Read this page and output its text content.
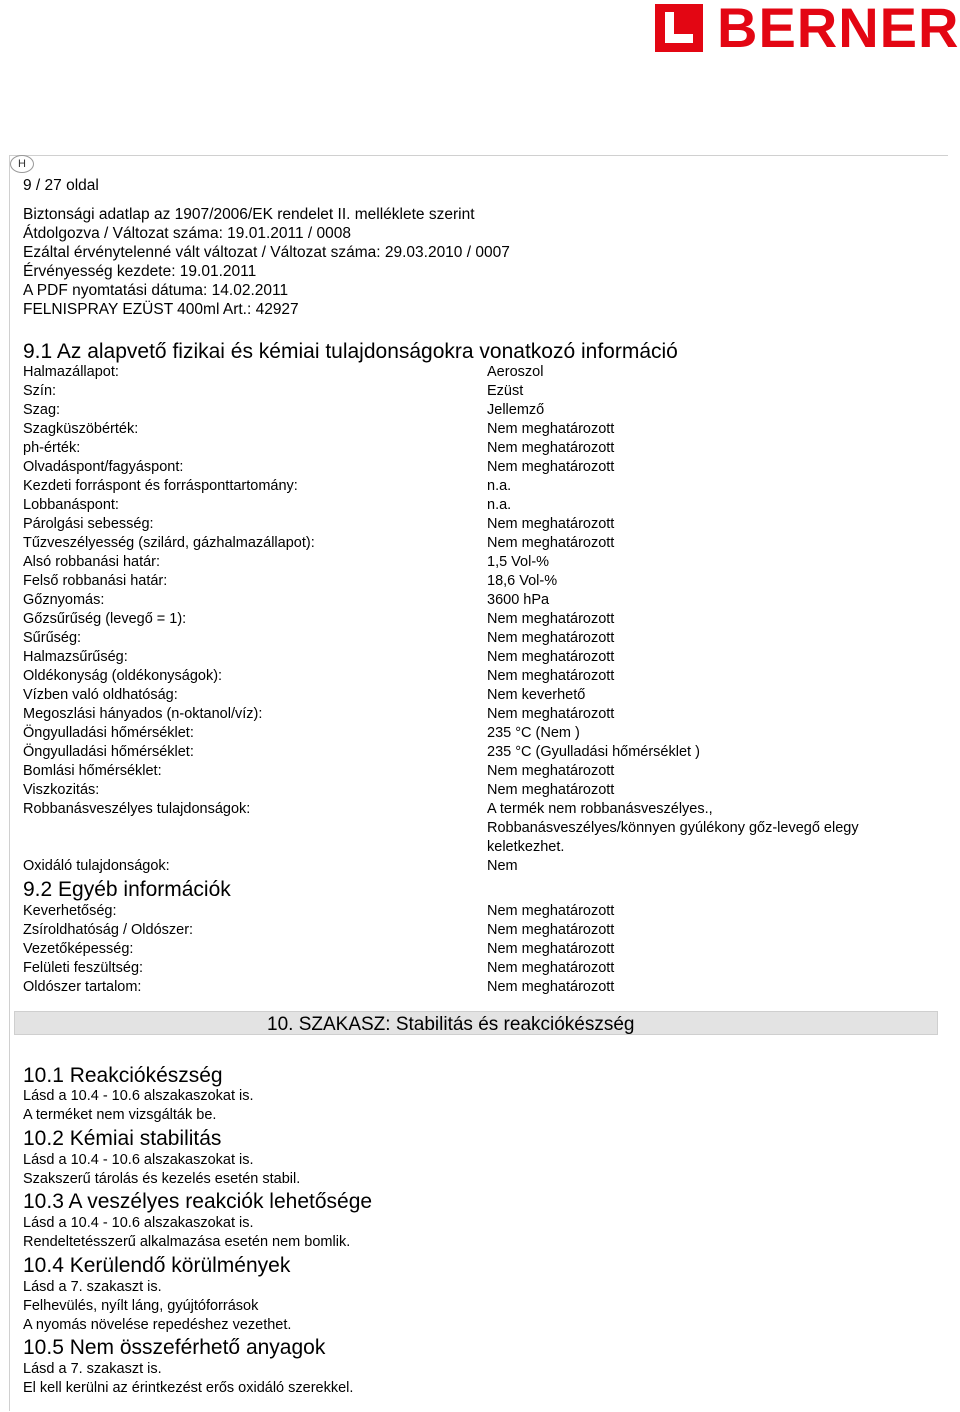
BERNER
H
9 / 27 oldal
Biztonsági adatlap az 1907/2006/EK rendelet II. melléklete szerint
Átdolgozva / Változat száma: 19.01.2011 / 0008
Ezáltal érvénytelenné vált változat / Változat száma: 29.03.2010 / 0007
Érvényesség kezdete: 19.01.2011
A PDF nyomtatási dátuma: 14.02.2011
FELNISPRAY EZÜST 400ml Art.: 42927
9.1 Az alapvető fizikai és kémiai tulajdonságokra vonatkozó információ
Halmazállapot:	Aeroszol
Szín:	Ezüst
Szag:	Jellemző
Szagküszöbérték:	Nem meghatározott
ph-érték:	Nem meghatározott
Olvadáspont/fagyáspont:	Nem meghatározott
Kezdeti forráspont és forrásponttartomány:	n.a.
Lobbanáspont:	n.a.
Párolgási sebesség:	Nem meghatározott
Tűzveszélyesség (szilárd, gázhalmazállapot):	Nem meghatározott
Alsó robbanási határ:	1,5 Vol-%
Felső robbanási határ:	18,6 Vol-%
Gőznyomás:	3600 hPa
Gőzsűrűség (levegő = 1):	Nem meghatározott
Sűrűség:	Nem meghatározott
Halmazsűrűség:	Nem meghatározott
Oldékonyság (oldékonyságok):	Nem meghatározott
Vízben való oldhatóság:	Nem keverhető
Megoszlási hányados (n-oktanol/víz):	Nem meghatározott
Öngyulladási hőmérséklet:	235 °C (Nem )
Öngyulladási hőmérséklet:	235 °C (Gyulladási hőmérséklet )
Bomlási hőmérséklet:	Nem meghatározott
Viszkozitás:	Nem meghatározott
Robbanásveszélyes tulajdonságok:	A termék nem robbanásveszélyes.,
Robbanásveszélyes/könnyen gyúlékony gőz-levegő elegy
keletkezhet.
Oxidáló tulajdonságok:	Nem
9.2 Egyéb információk
Keverhetőség:	Nem meghatározott
Zsíroldhatóság / Oldószer:	Nem meghatározott
Vezetőképesség:	Nem meghatározott
Felületi feszültség:	Nem meghatározott
Oldószer tartalom:	Nem meghatározott
10. SZAKASZ: Stabilitás és reakciókészség
10.1 Reakciókészség
Lásd a 10.4 - 10.6 alszakaszokat is.
A terméket nem vizsgálták be.
10.2 Kémiai stabilitás
Lásd a 10.4 - 10.6 alszakaszokat is.
Szakszerű tárolás és kezelés esetén stabil.
10.3 A veszélyes reakciók lehetősége
Lásd a 10.4 - 10.6 alszakaszokat is.
Rendeltetésszerű alkalmazása esetén nem bomlik.
10.4 Kerülendő körülmények
Lásd a 7. szakaszt is.
Felhevülés, nyílt láng, gyújtóforrások
A nyomás növelése repedéshez vezethet.
10.5 Nem összeférhető anyagok
Lásd a 7. szakaszt is.
El kell kerülni az érintkezést erős oxidáló szerekkel.
